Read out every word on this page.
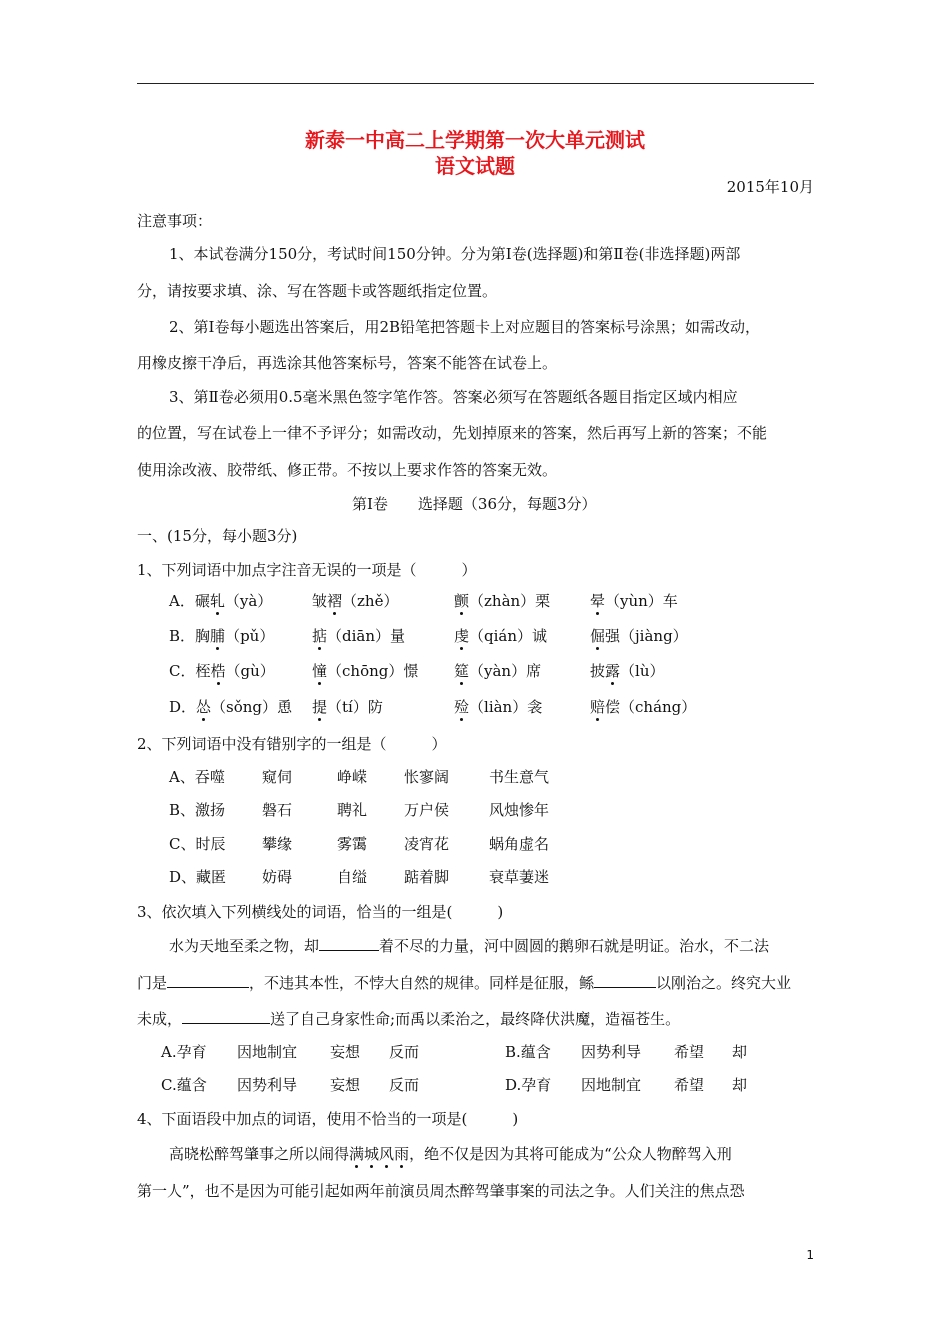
新泰一中高二上学期第一次大单元测试
语文试题
2015年10月
注意事项：
1、本试卷满分150分，考试时间150分钟。分为第Ⅰ卷(选择题)和第Ⅱ卷(非选择题)两部
分，请按要求填、涂、写在答题卡或答题纸指定位置。
2、第Ⅰ卷每小题选出答案后，用2B铅笔把答题卡上对应题目的答案标号涂黑；如需改动，
用橡皮擦干净后，再选涂其他答案标号，答案不能答在试卷上。
3、第Ⅱ卷必须用0.5毫米黑色签字笔作答。答案必须写在答题纸各题目指定区域内相应
的位置，写在试卷上一律不予评分；如需改动，先划掉原来的答案，然后再写上新的答案；不能
使用涂改液、胶带纸、修正带。不按以上要求作答的答案无效。
第Ⅰ卷　　选择题（36分，每题3分）
一、(15分，每小题3分)
1、下列词语中加点字注音无误的一项是（　　　）
A．碾轧（yà）	皱褶（zhě）	颤（zhàn）栗	晕（yùn）车
B．胸脯（pǔ）	掂（diān）量	虔（qián）诚	倔强（jiàng）
C．桎梏（gù） 憧（chōng）憬 筵（yàn）席	披露（lù）
D．怂（sǒng）恿 提（tí）防	殓（liàn）衾	赔偿（cháng）
2、下列词语中没有错别字的一组是（　　　）
A、吞噬 窥伺	峥嵘 怅寥阔	书生意气
B、激扬 磐石	聘礼 万户侯	风烛惨年
C、时辰 攀缘	雾霭 凌宵花	蜗角虚名
D、藏匿 妨碍	自缢 踮着脚	衰草萋迷
3、依次填入下列横线处的词语，恰当的一组是(　　　)
水为天地至柔之物，却	着不尽的力量，河中圆圆的鹅卵石就是明证。治水，不二法
门是	，不违其本性，不悖大自然的规律。同样是征服，鲧	以刚治之。终究大业
未成，	送了自己身家性命;而禹以柔治之，最终降伏洪魔，造福苍生。
A.孕育 因地制宜 妄想 反而	B.蕴含 因势利导 希望 却
C.蕴含 因势利导 妄想 反而	D.孕育 因地制宜 希望 却
4、下面语段中加点的词语，使用不恰当的一项是(　　　)
高晓松醉驾肇事之所以闹得满城风雨，绝不仅是因为其将可能成为“公众人物醉驾入刑
第一人”，也不是因为可能引起如两年前演员周杰醉驾肇事案的司法之争。人们关注的焦点恐
1
